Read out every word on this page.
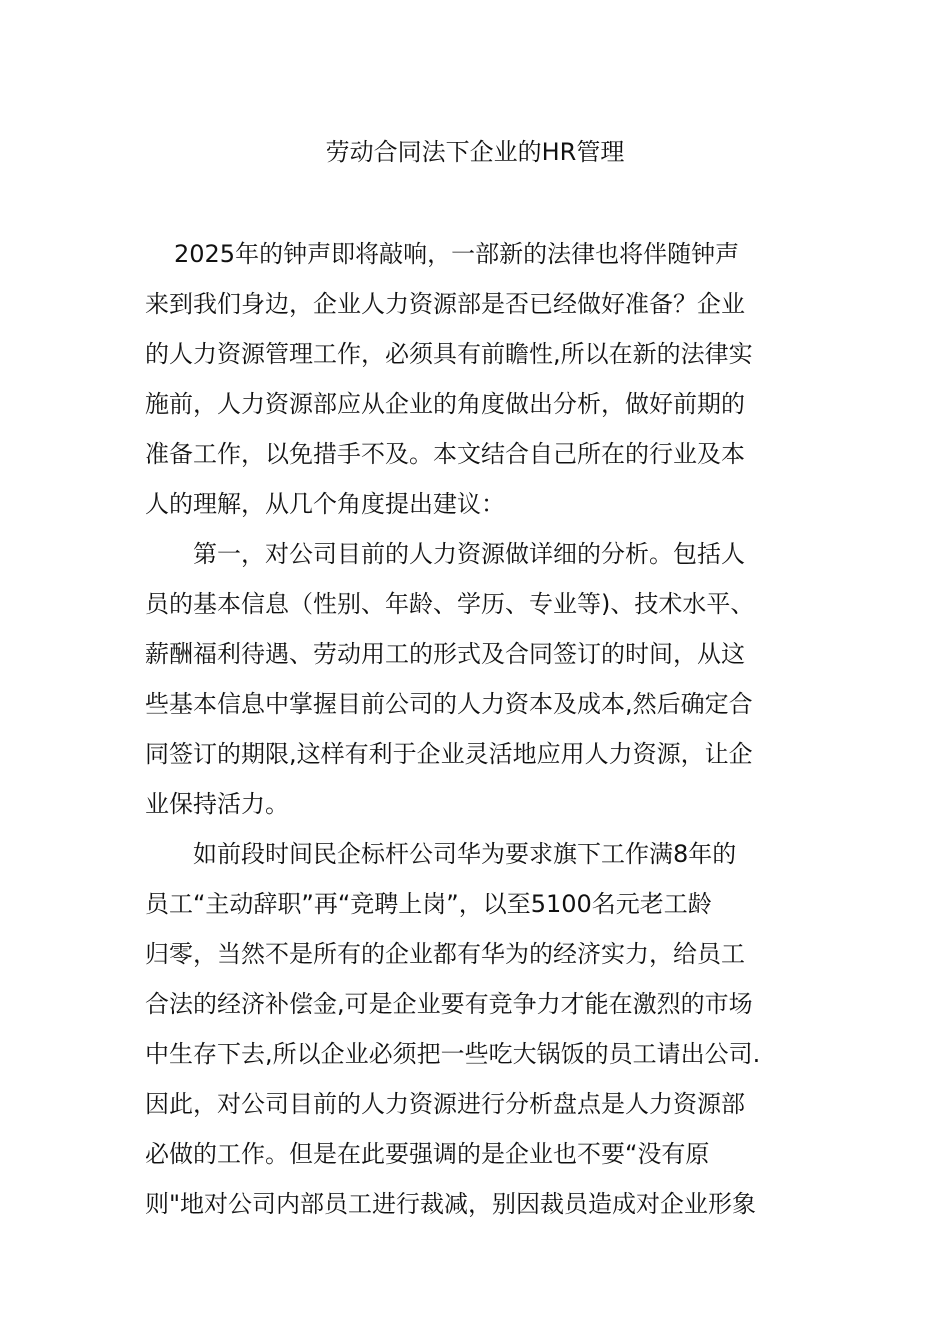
劳动合同法下企业的HR管理
2025年的钟声即将敲响，一部新的法律也将伴随钟声
来到我们身边，企业人力资源部是否已经做好准备？企业
的人力资源管理工作，必须具有前瞻性,所以在新的法律实
施前，人力资源部应从企业的角度做出分析，做好前期的
准备工作，以免措手不及。本文结合自己所在的行业及本
人的理解，从几个角度提出建议：
第一，对公司目前的人力资源做详细的分析。包括人
员的基本信息（性别、年龄、学历、专业等)、技术水平、
薪酬福利待遇、劳动用工的形式及合同签订的时间，从这
些基本信息中掌握目前公司的人力资本及成本,然后确定合
同签订的期限,这样有利于企业灵活地应用人力资源，让企
业保持活力。
如前段时间民企标杆公司华为要求旗下工作满8年的
员工“主动辞职”再“竞聘上岗”，以至5100名元老工龄
归零，当然不是所有的企业都有华为的经济实力，给员工
合法的经济补偿金,可是企业要有竞争力才能在激烈的市场
中生存下去,所以企业必须把一些吃大锅饭的员工请出公司.
因此，对公司目前的人力资源进行分析盘点是人力资源部
必做的工作。但是在此要强调的是企业也不要“没有原
则"地对公司内部员工进行裁减，别因裁员造成对企业形象
